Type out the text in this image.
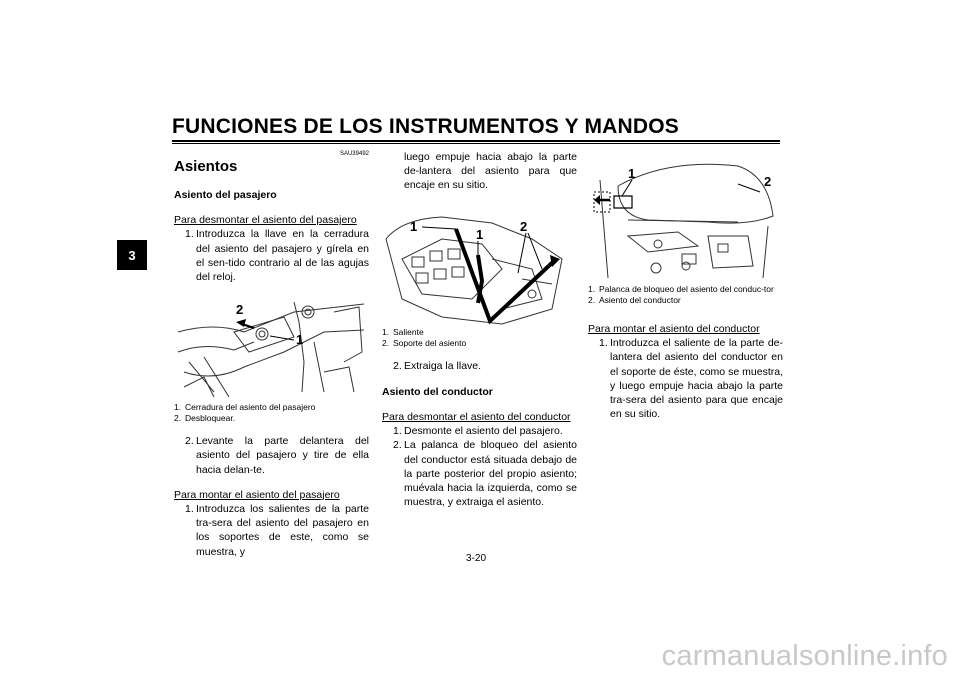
FUNCIONES DE LOS INSTRUMENTOS Y MANDOS
3
SAU39492
Asientos
Asiento del pasajero
Para desmontar el asiento del pasajero
1. Introduzca la llave en la cerradura del asiento del pasajero y gírela en el sen-tido contrario al de las agujas del reloj.
2
1
1. Cerradura del asiento del pasajero
2. Desbloquear.
2. Levante la parte delantera del asiento del pasajero y tire de ella hacia delan-te.
Para montar el asiento del pasajero
1. Introduzca los salientes de la parte tra-sera del asiento del pasajero en los soportes de este, como se muestra, y
luego empuje hacia abajo la parte de-lantera del asiento para que encaje en su sitio.
1
1
2
1. Saliente
2. Soporte del asiento
2. Extraiga la llave.
Asiento del conductor
Para desmontar el asiento del conductor
1. Desmonte el asiento del pasajero.
2. La palanca de bloqueo del asiento del conductor está situada debajo de la parte posterior del propio asiento; muévala hacia la izquierda, como se muestra, y extraiga el asiento.
1
2
1. Palanca de bloqueo del asiento del conduc-tor
2. Asiento del conductor
Para montar el asiento del conductor
1. Introduzca el saliente de la parte de-lantera del asiento del conductor en el soporte de éste, como se muestra, y luego empuje hacia abajo la parte tra-sera del asiento para que encaje en su sitio.
3-20
carmanualsonline.info
